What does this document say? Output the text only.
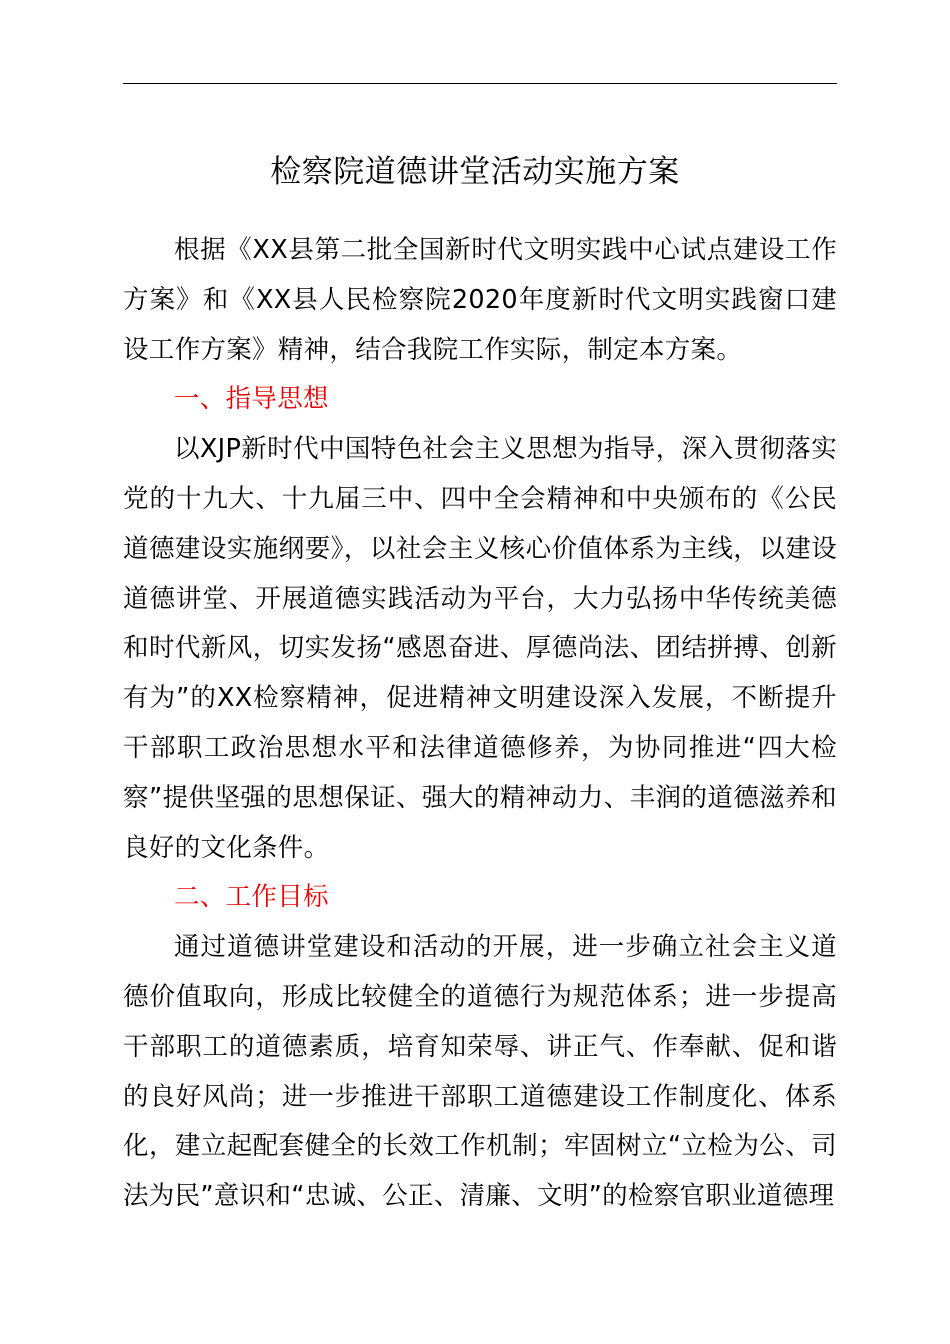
检察院道德讲堂活动实施方案

根据《XX县第二批全国新时代文明实践中心试点建设工作方案》和《XX县人民检察院2020年度新时代文明实践窗口建设工作方案》精神，结合我院工作实际，制定本方案。

一、指导思想

以XJP新时代中国特色社会主义思想为指导，深入贯彻落实党的十九大、十九届三中、四中全会精神和中央颁布的《公民道德建设实施纲要》，以社会主义核心价值体系为主线，以建设道德讲堂、开展道德实践活动为平台，大力弘扬中华传统美德和时代新风，切实发扬“感恩奋进、厚德尚法、团结拼搏、创新有为”的XX检察精神，促进精神文明建设深入发展，不断提升干部职工政治思想水平和法律道德修养，为协同推进“四大检察”提供坚强的思想保证、强大的精神动力、丰润的道德滋养和良好的文化条件。

二、工作目标

通过道德讲堂建设和活动的开展，进一步确立社会主义道德价值取向，形成比较健全的道德行为规范体系；进一步提高干部职工的道德素质，培育知荣辱、讲正气、作奉献、促和谐的良好风尚；进一步推进干部职工道德建设工作制度化、体系化，建立起配套健全的长效工作机制；牢固树立“立检为公、司法为民”意识和“忠诚、公正、清廉、文明”的检察官职业道德理
